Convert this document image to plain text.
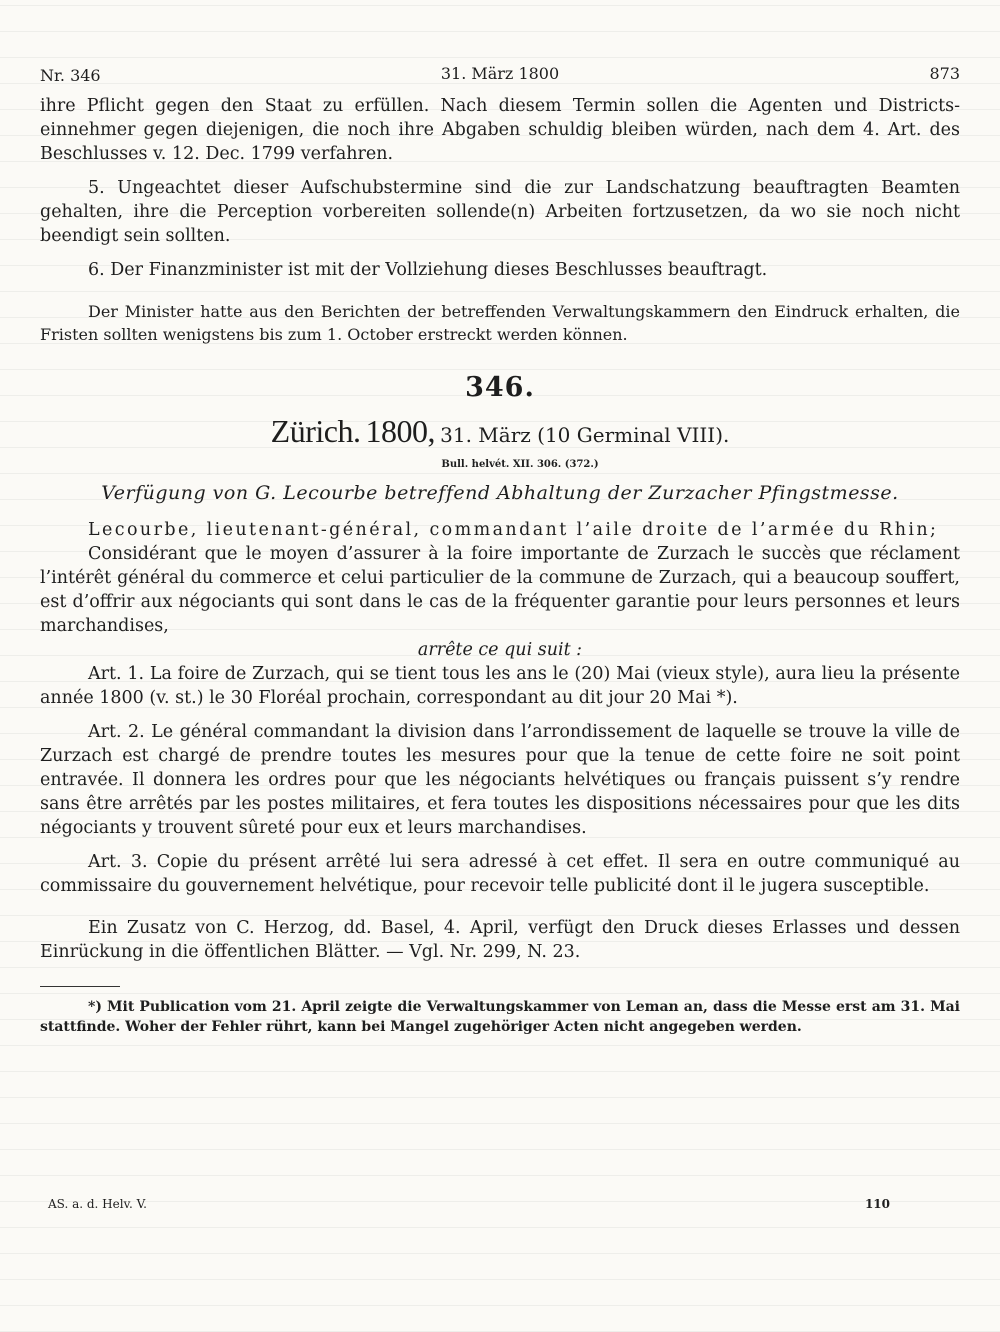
Nr. 346	31. März 1800	873

ihre Pflicht gegen den Staat zu erfüllen. Nach diesem Termin sollen die Agenten und Districts-einnehmer gegen diejenigen, die noch ihre Abgaben schuldig bleiben würden, nach dem 4. Art. des Beschlusses v. 12. Dec. 1799 verfahren.

5. Ungeachtet dieser Aufschubstermine sind die zur Landschatzung beauftragten Beamten gehalten, ihre die Perception vorbereiten sollende(n) Arbeiten fortzusetzen, da wo sie noch nicht beendigt sein sollten.

6. Der Finanzminister ist mit der Vollziehung dieses Beschlusses beauftragt.

Der Minister hatte aus den Berichten der betreffenden Verwaltungskammern den Eindruck erhalten, die Fristen sollten wenigstens bis zum 1. October erstreckt werden können.

346.
Zürich. 1800, 31. März (10 Germinal VIII).
Bull. helvét. XII. 306. (372.)
Verfügung von G. Lecourbe betreffend Abhaltung der Zurzacher Pfingstmesse.

Lecourbe, lieutenant-général, commandant l’aile droite de l’armée du Rhin;

Considérant que le moyen d’assurer à la foire importante de Zurzach le succès que réclament l’intérêt général du commerce et celui particulier de la commune de Zurzach, qui a beaucoup souffert, est d’offrir aux négociants qui sont dans le cas de la fréquenter garantie pour leurs personnes et leurs marchandises,

arrête ce qui suit :

Art. 1. La foire de Zurzach, qui se tient tous les ans le (20) Mai (vieux style), aura lieu la présente année 1800 (v. st.) le 30 Floréal prochain, correspondant au dit jour 20 Mai *).

Art. 2. Le général commandant la division dans l’arrondissement de laquelle se trouve la ville de Zurzach est chargé de prendre toutes les mesures pour que la tenue de cette foire ne soit point entravée. Il donnera les ordres pour que les négociants helvétiques ou français puissent s’y rendre sans être arrêtés par les postes militaires, et fera toutes les dispositions nécessaires pour que les dits négociants y trouvent sûreté pour eux et leurs marchandises.

Art. 3. Copie du présent arrêté lui sera adressé à cet effet. Il sera en outre communiqué au commissaire du gouvernement helvétique, pour recevoir telle publicité dont il le jugera susceptible.

Ein Zusatz von C. Herzog, dd. Basel, 4. April, verfügt den Druck dieses Erlasses und dessen Einrückung in die öffentlichen Blätter. — Vgl. Nr. 299, N. 23.

*) Mit Publication vom 21. April zeigte die Verwaltungskammer von Leman an, dass die Messe erst am 31. Mai stattfinde. Woher der Fehler rührt, kann bei Mangel zugehöriger Acten nicht angegeben werden.

AS. a. d. Helv. V.	110
